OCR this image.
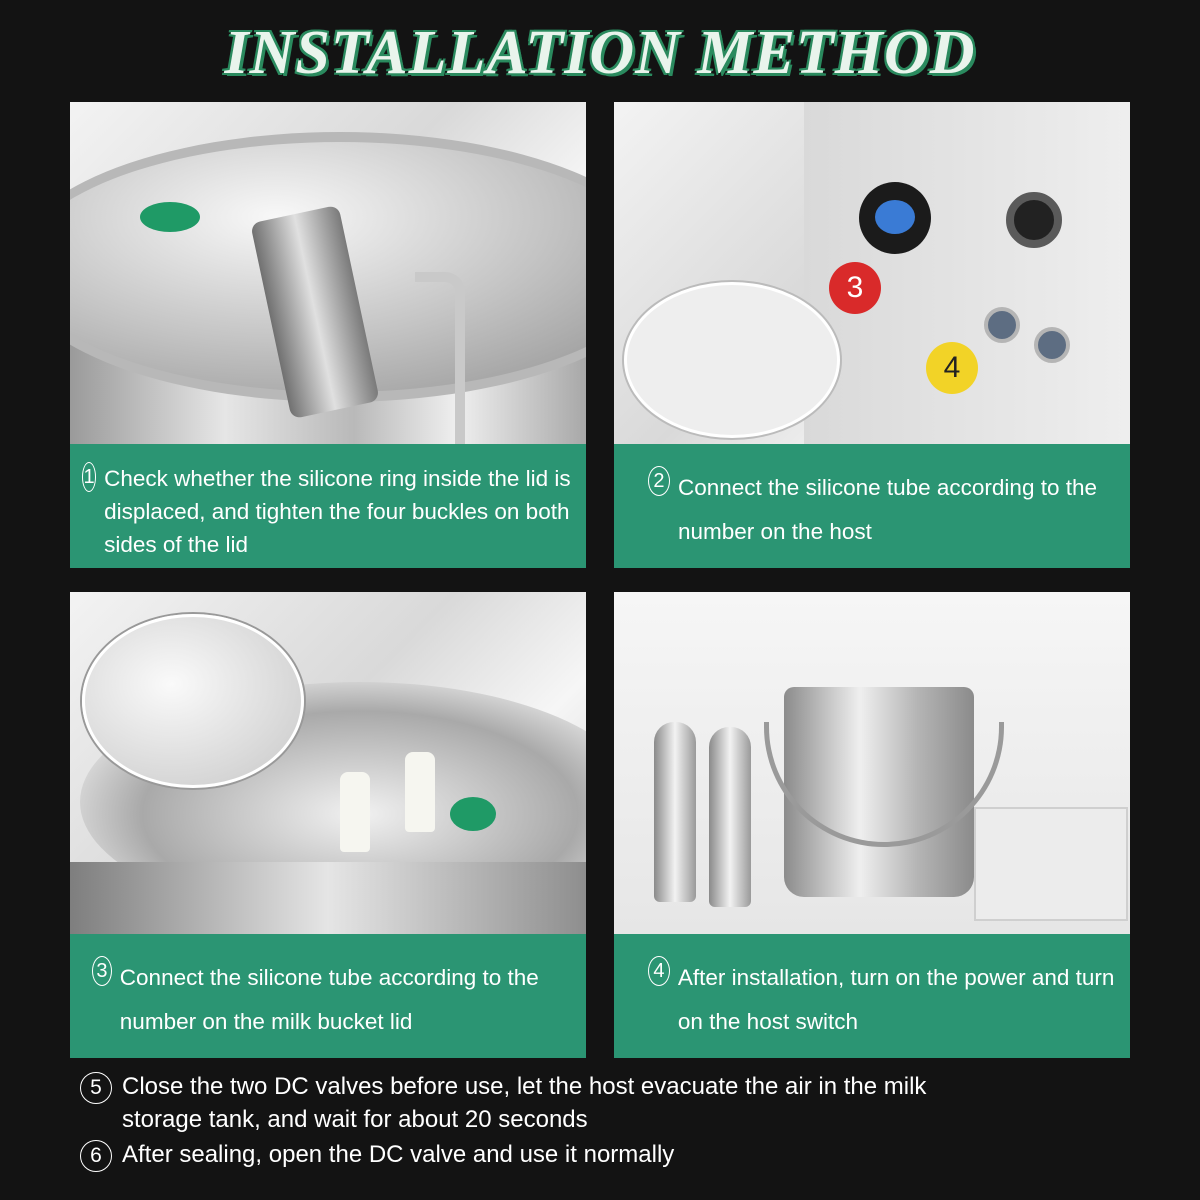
INSTALLATION METHOD
1 Check whether the silicone ring inside the lid is displaced, and tighten the four buckles on both sides of the lid
3
4
2 Connect the silicone tube according to the number on the host
3 Connect the silicone tube according to the number on the milk bucket lid
4 After installation, turn on the power and turn on the host switch
5 Close the two DC valves before use, let the host evacuate the air in the milk storage tank, and wait for about 20 seconds
6 After sealing, open the DC valve and use it normally
